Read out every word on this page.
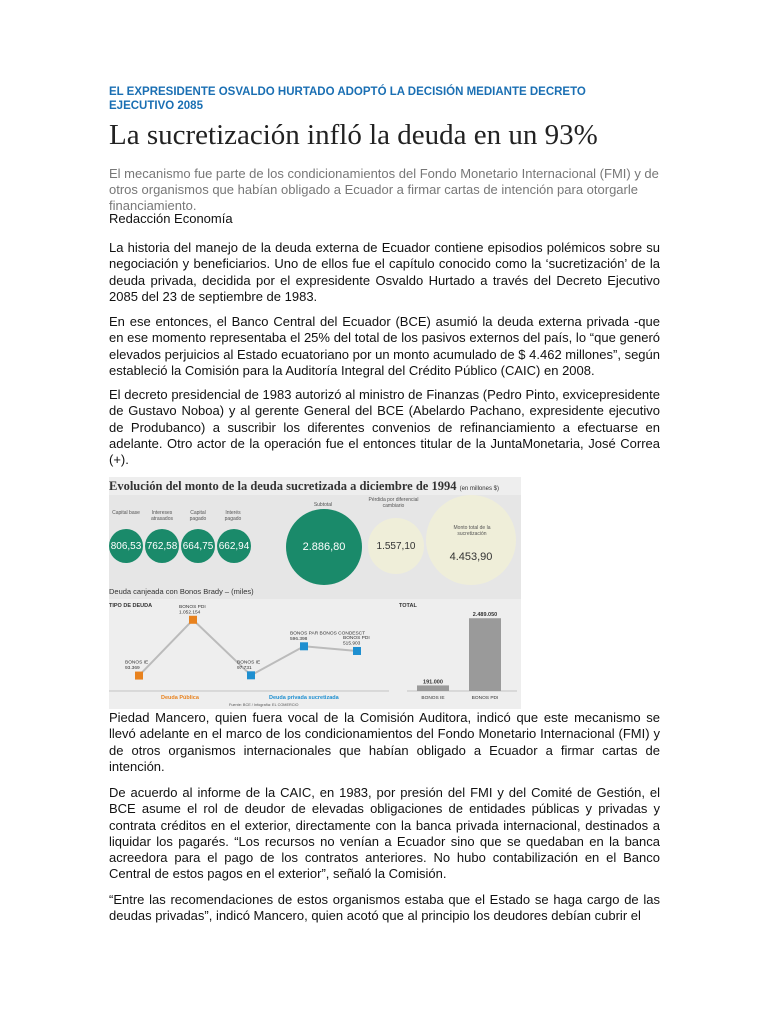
EL EXPRESIDENTE OSVALDO HURTADO ADOPTÓ LA DECISIÓN MEDIANTE DECRETO EJECUTIVO 2085
La sucretización infló la deuda en un 93%
El mecanismo fue parte de los condicionamientos del Fondo Monetario Internacional (FMI) y de otros organismos que habían obligado a Ecuador a firmar cartas de intención para otorgarle financiamiento.
Redacción Economía
La historia del manejo de la deuda externa de Ecuador contiene episodios polémicos sobre su negociación y beneficiarios. Uno de ellos fue el capítulo conocido como la ‘sucretización’ de la deuda privada, decidida por el expresidente Osvaldo Hurtado a través del Decreto Ejecutivo 2085 del 23 de septiembre de 1983.
En ese entonces, el Banco Central del Ecuador (BCE) asumió la deuda externa privada -que en ese momento representaba el 25% del total de los pasivos externos del país, lo “que generó elevados perjuicios al Estado ecuatoriano por un monto acumulado de $ 4.462 millones”, según estableció la Comisión para la Auditoría Integral del Crédito Público (CAIC) en 2008.
El decreto presidencial de 1983 autorizó al ministro de Finanzas (Pedro Pinto, exvicepresidente de Gustavo Noboa) y al gerente General del BCE (Abelardo Pachano, expresidente ejecutivo de Produbanco) a suscribir los diferentes convenios de refinanciamiento a efectuarse en adelante. Otro actor de la operación fue el entonces titular de la JuntaMonetaria, José Correa (+).
Evolución del monto de la deuda sucretizada a diciembre de 1994 (en millones $)
Capital base
806,53
Intereses atrasados
762,58
Capital pagado
664,75
Interés pagado
662,94
Subtotal
2.886,80
Pérdida por diferencial cambiario
1.557,10
4.453,90
Monto total de la sucretización
Deuda canjeada con Bonos Brady – (miles)
TIPO DE DEUDA
BONOS IE 93.369
BONOS PDI 1.052.154
BONOS IE 97.731
BONOS PAR BONOS CONDESCT 596.398	BONOS PDI 515.903
Deuda Pública	Deuda privada sucretizada
TOTAL
191.000
BONOS IE
2.489.050
BONOS PDI
Fuente: BCE / Infografía: EL COMERCIO
Piedad Mancero, quien fuera vocal de la Comisión Auditora, indicó que este mecanismo se llevó adelante en el marco de los condicionamientos del Fondo Monetario Internacional (FMI) y de otros organismos internacionales que habían obligado a Ecuador a firmar cartas de intención.
De acuerdo al informe de la CAIC, en 1983, por presión del FMI y del Comité de Gestión, el BCE asume el rol de deudor de elevadas obligaciones de entidades públicas y privadas y contrata créditos en el exterior, directamente con la banca privada internacional, destinados a liquidar los pagarés. “Los recursos no venían a Ecuador sino que se quedaban en la banca acreedora para el pago de los contratos anteriores. No hubo contabilización en el Banco Central de estos pagos en el exterior”, señaló la Comisión.
“Entre las recomendaciones de estos organismos estaba que el Estado se haga cargo de las deudas privadas”, indicó Mancero, quien acotó que al principio los deudores debían cubrir el
